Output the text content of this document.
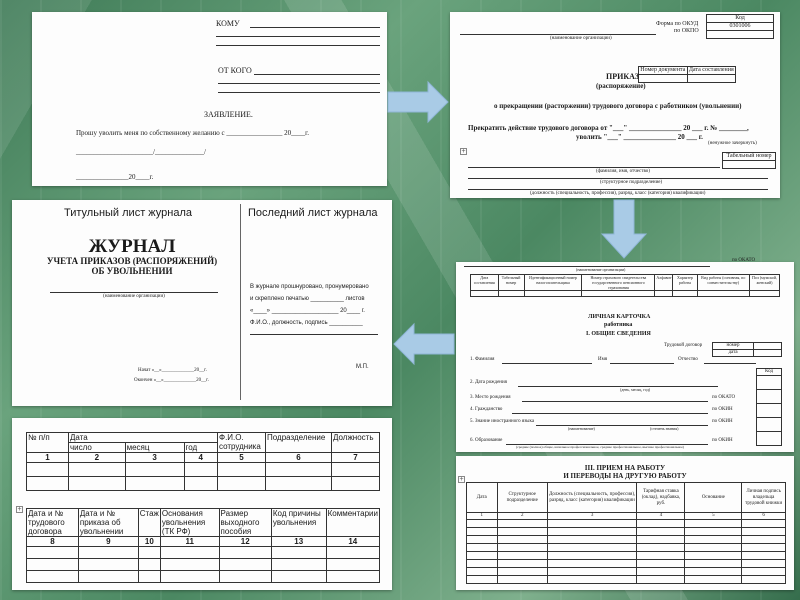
КОМУ
ОТ КОГО
ЗАЯВЛЕНИЕ.
Прошу уволить меня по собственному желанию с ________________ 20____г.
______________________/______________/
_______________20____г.
Форма по ОКУД
по ОКПО
Код
0301006

(наименование организации)
Номер документа	Дата составления

ПРИКАЗ
(распоряжение)
о прекращении (расторжении) трудового договора с работником (увольнении)
Прекратить действие трудового договора от "___" _______________ 20 ___ г. № ________,
уволить "___" _______________ 20 ___ г.
(ненужное зачеркнуть)
Табельный номер

+
(фамилия, имя, отчество)
(структурное подразделение)
(должность (специальность, профессия), разряд, класс (категория) квалификации)
Титульный лист журнала	Последний лист журнала
ЖУРНАЛ
УЧЕТА ПРИКАЗОВ (РАСПОРЯЖЕНИЙ)
ОБ УВОЛЬНЕНИИ
(наименование организации)
Начат «__»_____________20__г.
Окончен «__»_____________20__г.
В журнале прошнуровано, пронумеровано
и скреплено печатью __________ листов
«____» ____________________ 20____ г.
Ф.И.О., должность, подпись __________
М.П.
(наименование организации)
по ОКАТО
Дата составления	Табельный номер	Идентификационный номер налогоплательщика	Номер страхового свидетельства государственного пенсионного страхования	Алфавит	Характер работы	Вид работы (основная, по совместительству)	Пол (мужской, женский)

ЛИЧНАЯ КАРТОЧКА
работника
I. ОБЩИЕ СВЕДЕНИЯ
Трудовой договор	номер	
дата	
1. Фамилия	Имя	Отчество
Код

2. Дата рождения
(день, месяц, год)
3. Место рождения	по ОКАТО
4. Гражданство	по ОКИН
5. Знание иностранного языка	по ОКИН
(наименование)	(степень знания)
6. Образование	по ОКИН
(среднее (полное) общее, начальное профессиональное, среднее профессиональное, высшее профессиональное)
№ п/п	Дата			Ф.И.О. сотрудника	Подразделение	Должность
	число	месяц	год			
1	2	3	4	5	6	7

+ Дата и № трудового договора	Дата и № приказа об увольнении	Стаж	Основания увольнения (ТК РФ)	Размер выходного пособия	Код причины увольнения	Комментарии
8	9	10	11	12	13	14

III. ПРИЕМ НА РАБОТУ
И ПЕРЕВОДЫ НА ДРУГУЮ РАБОТУ
Дата	Структурное подразделение	Должность (специальность, профессия), разряд, класс (категория) квалификации	Тарифная ставка (оклад), надбавка, руб.	Основание	Личная подпись владельца трудовой книжки
1	2	3	4	5	6

+
